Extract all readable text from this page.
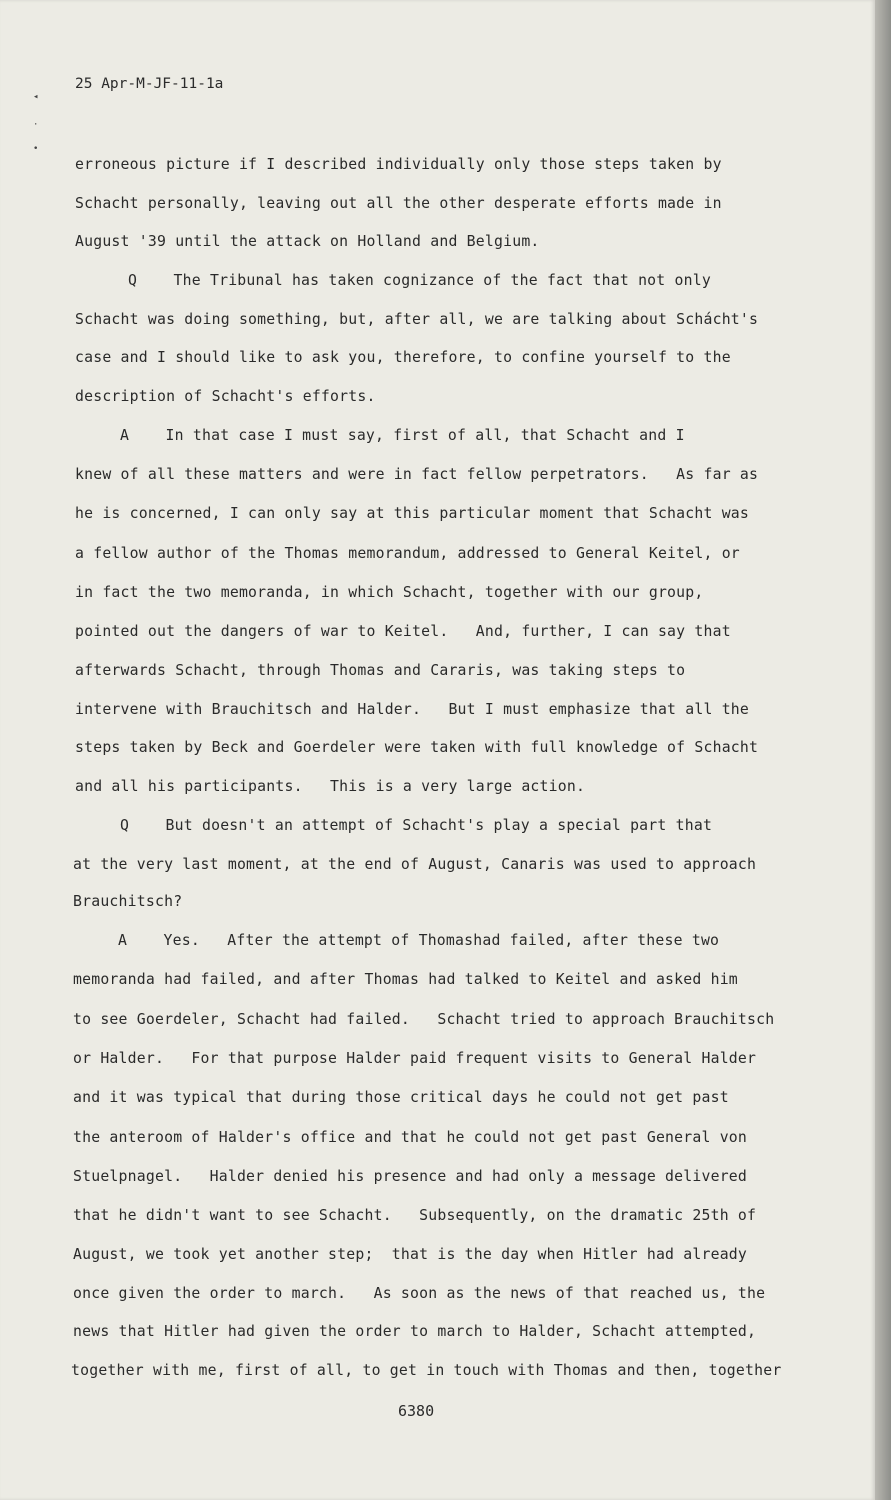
◂
·
•
25 Apr-M-JF-11-1a
erroneous picture if I described individually only those steps taken by
Schacht personally, leaving out all the other desperate efforts made in
August '39 until the attack on Holland and Belgium.
Q    The Tribunal has taken cognizance of the fact that not only
Schacht was doing something, but, after all, we are talking about Schácht's
case and I should like to ask you, therefore, to confine yourself to the
description of Schacht's efforts.
A    In that case I must say, first of all, that Schacht and I
knew of all these matters and were in fact fellow perpetrators.   As far as
he is concerned, I can only say at this particular moment that Schacht was
a fellow author of the Thomas memorandum, addressed to General Keitel, or
in fact the two memoranda, in which Schacht, together with our group,
pointed out the dangers of war to Keitel.   And, further, I can say that
afterwards Schacht, through Thomas and Cararis, was taking steps to
intervene with Brauchitsch and Halder.   But I must emphasize that all the
steps taken by Beck and Goerdeler were taken with full knowledge of Schacht
and all his participants.   This is a very large action.
Q    But doesn't an attempt of Schacht's play a special part that
at the very last moment, at the end of August, Canaris was used to approach
Brauchitsch?
A    Yes.   After the attempt of Thomashad failed, after these two
memoranda had failed, and after Thomas had talked to Keitel and asked him
to see Goerdeler, Schacht had failed.   Schacht tried to approach Brauchitsch
or Halder.   For that purpose Halder paid frequent visits to General Halder
and it was typical that during those critical days he could not get past
the anteroom of Halder's office and that he could not get past General von
Stuelpnagel.   Halder denied his presence and had only a message delivered
that he didn't want to see Schacht.   Subsequently, on the dramatic 25th of
August, we took yet another step;  that is the day when Hitler had already
once given the order to march.   As soon as the news of that reached us, the
news that Hitler had given the order to march to Halder, Schacht attempted,
together with me, first of all, to get in touch with Thomas and then, together
6380
